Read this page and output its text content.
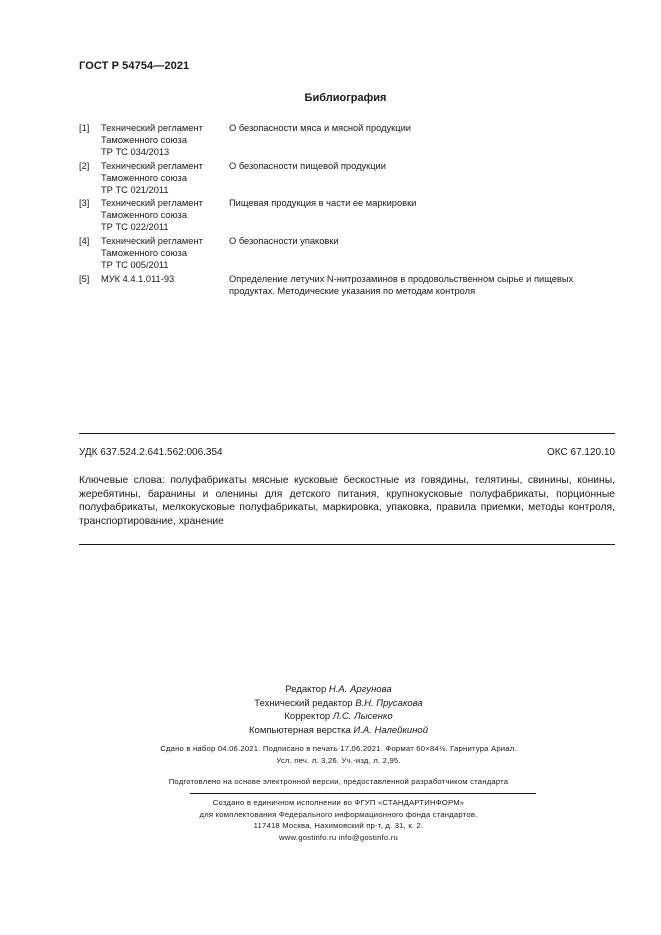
ГОСТ Р 54754—2021
Библиография
[1] Технический регламент
Таможенного союза
ТР ТС 034/2013
О безопасности мяса и мясной продукции
[2] Технический регламент
Таможенного союза
ТР ТС 021/2011
О безопасности пищевой продукции
[3] Технический регламент
Таможенного союза
ТР ТС 022/2011
Пищевая продукция в части ее маркировки
[4] Технический регламент
Таможенного союза
ТР ТС 005/2011
О безопасности упаковки
[5] МУК 4.4.1.011-93	Определение летучих N-нитрозаминов в продовольственном сырье и пищевых продуктах. Методические указания по методам контроля
УДК 637.524.2.641.562:006.354	ОКС 67.120.10
Ключевые слова: полуфабрикаты мясные кусковые бескостные из говядины, телятины, свинины, конины, жеребятины, баранины и оленины для детского питания, крупнокусковые полуфабрикаты, порционные полуфабрикаты, мелкокусковые полуфабрикаты, маркировка, упаковка, правила приемки, методы контроля, транспортирование, хранение
Редактор Н.А. Аргунова
Технический редактор В.Н. Прусакова
Корректор Л.С. Лысенко
Компьютерная верстка И.А. Налейкиной
Сдано в набор 04.06.2021. Подписано в печать 17.06.2021. Формат 60×84⅛. Гарнитура Ариал.
Усл. печ. л. 3,26. Уч.-изд. л. 2,95.
Подготовлено на основе электронной версии, предоставленной разработчиком стандарта
Создано в единичном исполнении во ФГУП «СТАНДАРТИНФОРМ»
для комплектования Федерального информационного фонда стандартов.
117418 Москва, Нахимовский пр-т, д. 31, к. 2.
www.gostinfo.ru info@gostinfo.ru
